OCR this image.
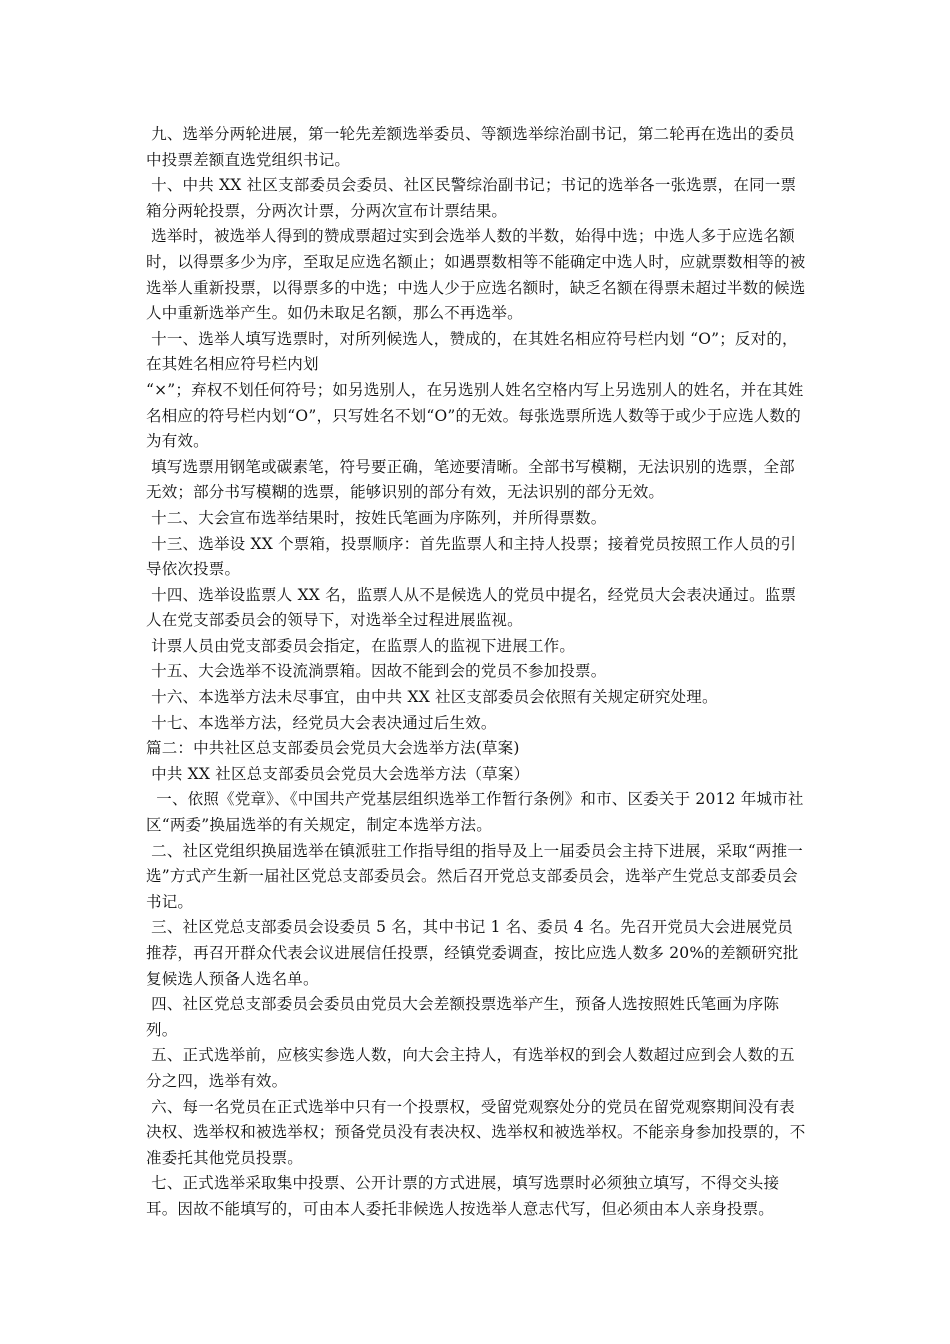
九、选举分两轮进展，第一轮先差额选举委员、等额选举综治副书记，第二轮再在选出的委员中投票差额直选党组织书记。

十、中共 XX 社区支部委员会委员、社区民警综治副书记；书记的选举各一张选票，在同一票箱分两轮投票，分两次计票，分两次宣布计票结果。

选举时，被选举人得到的赞成票超过实到会选举人数的半数，始得中选；中选人多于应选名额时，以得票多少为序，至取足应选名额止；如遇票数相等不能确定中选人时，应就票数相等的被选举人重新投票，以得票多的中选；中选人少于应选名额时，缺乏名额在得票未超过半数的候选人中重新选举产生。如仍未取足名额，那么不再选举。

十一、选举人填写选票时，对所列候选人，赞成的，在其姓名相应符号栏内划 “O”；反对的，在其姓名相应符号栏内划

“×”；弃权不划任何符号；如另选别人，在另选别人姓名空格内写上另选别人的姓名，并在其姓名相应的符号栏内划“O”，只写姓名不划“O”的无效。每张选票所选人数等于或少于应选人数的为有效。

填写选票用钢笔或碳素笔，符号要正确，笔迹要清晰。全部书写模糊，无法识别的选票，全部无效；部分书写模糊的选票，能够识别的部分有效，无法识别的部分无效。

十二、大会宣布选举结果时，按姓氏笔画为序陈列，并所得票数。

十三、选举设 XX 个票箱，投票顺序：首先监票人和主持人投票；接着党员按照工作人员的引导依次投票。

十四、选举设监票人 XX 名，监票人从不是候选人的党员中提名，经党员大会表决通过。监票人在党支部委员会的领导下，对选举全过程进展监视。

计票人员由党支部委员会指定，在监票人的监视下进展工作。

十五、大会选举不设流淌票箱。因故不能到会的党员不参加投票。

十六、本选举方法未尽事宜，由中共 XX 社区支部委员会依照有关规定研究处理。

十七、本选举方法，经党员大会表决通过后生效。

篇二：中共社区总支部委员会党员大会选举方法(草案)

中共 XX 社区总支部委员会党员大会选举方法（草案）

一、依照《党章》、《中国共产党基层组织选举工作暂行条例》和市、区委关于 2012 年城市社区“两委”换届选举的有关规定，制定本选举方法。

二、社区党组织换届选举在镇派驻工作指导组的指导及上一届委员会主持下进展，采取“两推一选”方式产生新一届社区党总支部委员会。然后召开党总支部委员会，选举产生党总支部委员会书记。

三、社区党总支部委员会设委员 5 名，其中书记 1 名、委员 4 名。先召开党员大会进展党员推荐，再召开群众代表会议进展信任投票，经镇党委调查，按比应选人数多 20%的差额研究批复候选人预备人选名单。

四、社区党总支部委员会委员由党员大会差额投票选举产生，预备人选按照姓氏笔画为序陈列。

五、正式选举前，应核实参选人数，向大会主持人，有选举权的到会人数超过应到会人数的五分之四，选举有效。

六、每一名党员在正式选举中只有一个投票权，受留党观察处分的党员在留党观察期间没有表决权、选举权和被选举权；预备党员没有表决权、选举权和被选举权。不能亲身参加投票的，不准委托其他党员投票。

七、正式选举采取集中投票、公开计票的方式进展，填写选票时必须独立填写，不得交头接耳。因故不能填写的，可由本人委托非候选人按选举人意志代写，但必须由本人亲身投票。
